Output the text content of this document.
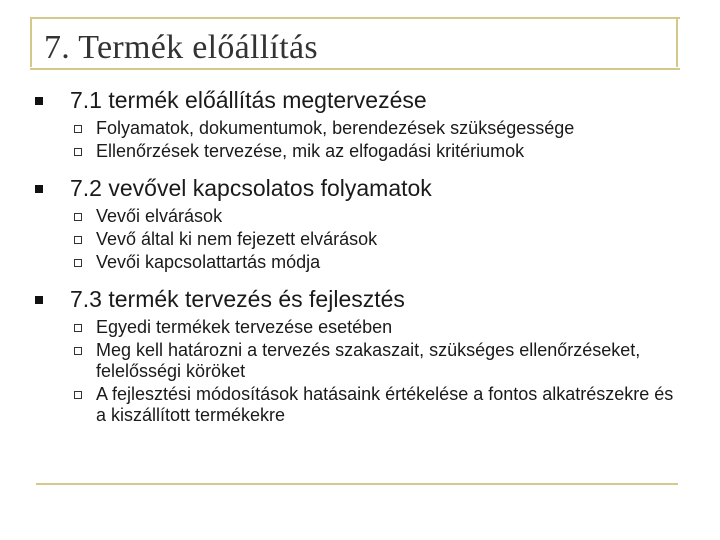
7. Termék előállítás
7.1 termék előállítás megtervezése
Folyamatok, dokumentumok, berendezések szükségessége
Ellenőrzések tervezése, mik az elfogadási kritériumok
7.2 vevővel kapcsolatos folyamatok
Vevői elvárások
Vevő által ki nem fejezett elvárások
Vevői kapcsolattartás módja
7.3 termék tervezés és fejlesztés
Egyedi termékek tervezése esetében
Meg kell határozni a tervezés szakaszait, szükséges ellenőrzéseket, felelősségi köröket
A fejlesztési módosítások hatásaink értékelése a fontos alkatrészekre és a kiszállított termékekre
